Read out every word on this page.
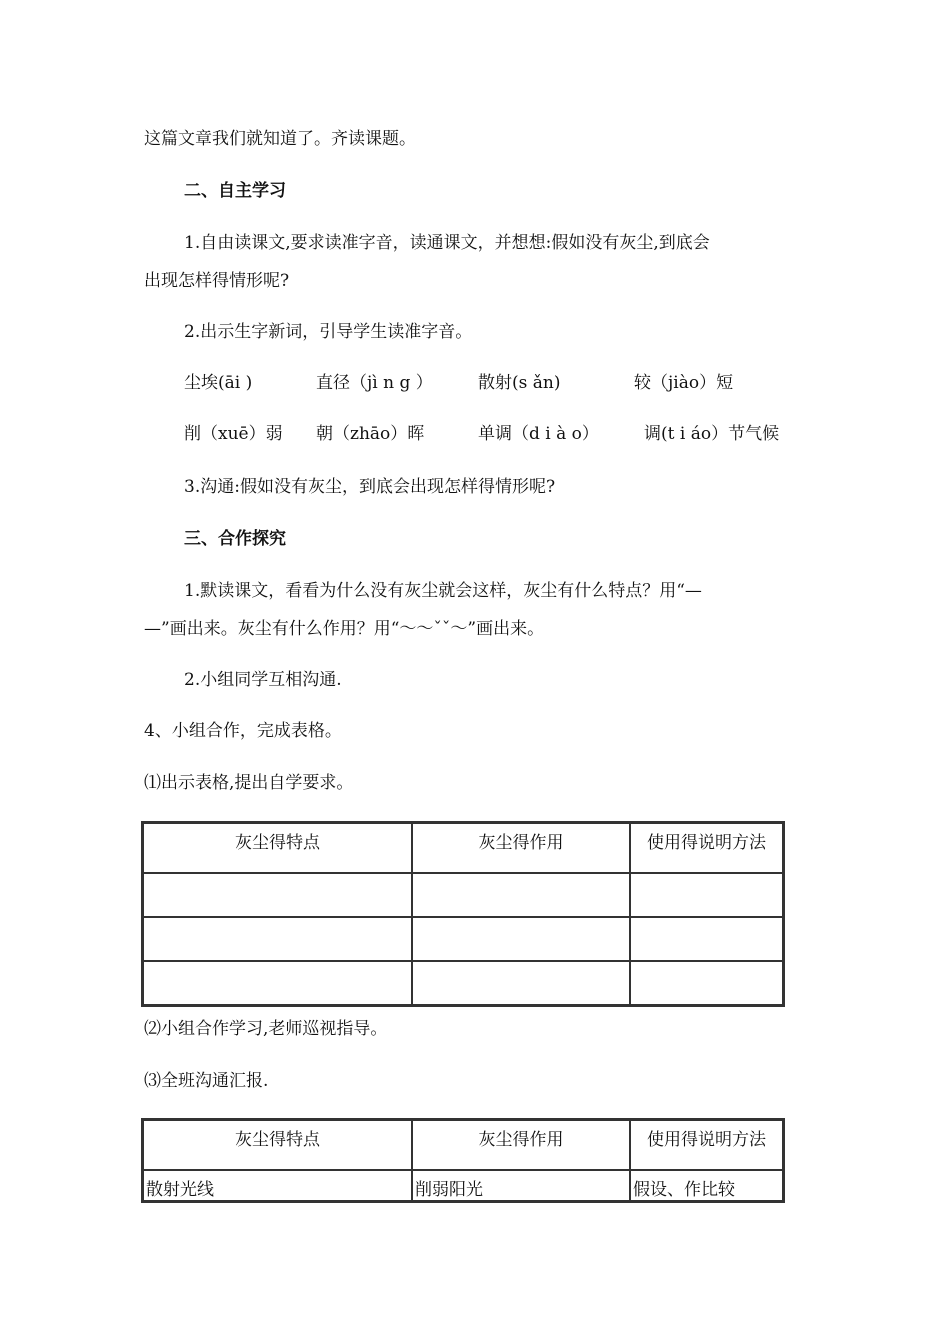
这篇文章我们就知道了。齐读课题。
二、自主学习
1.自由读课文,要求读准字音，读通课文，并想想:假如没有灰尘,到底会
出现怎样得情形呢?
2.出示生字新词，引导学生读准字音。
尘埃(āi )	直径（jì n g ）	散射(s ǎn)	较（jiào）短
削（xuē）弱 朝（zhāo）晖	单调（d i à o）	调(t i áo）节气候
3.沟通:假如没有灰尘，到底会出现怎样得情形呢?
三、合作探究
1.默读课文，看看为什么没有灰尘就会这样，灰尘有什么特点？用“—
—”画出来。灰尘有什么作用？用“～～ˇˇ～”画出来。
2.小组同学互相沟通.
4、小组合作，完成表格。
⑴出示表格,提出自学要求。
灰尘得特点	灰尘得作用	使用得说明方法

⑵小组合作学习,老师巡视指导。
⑶全班沟通汇报.
灰尘得特点	灰尘得作用	使用得说明方法
散射光线	削弱阳光	假设、作比较
